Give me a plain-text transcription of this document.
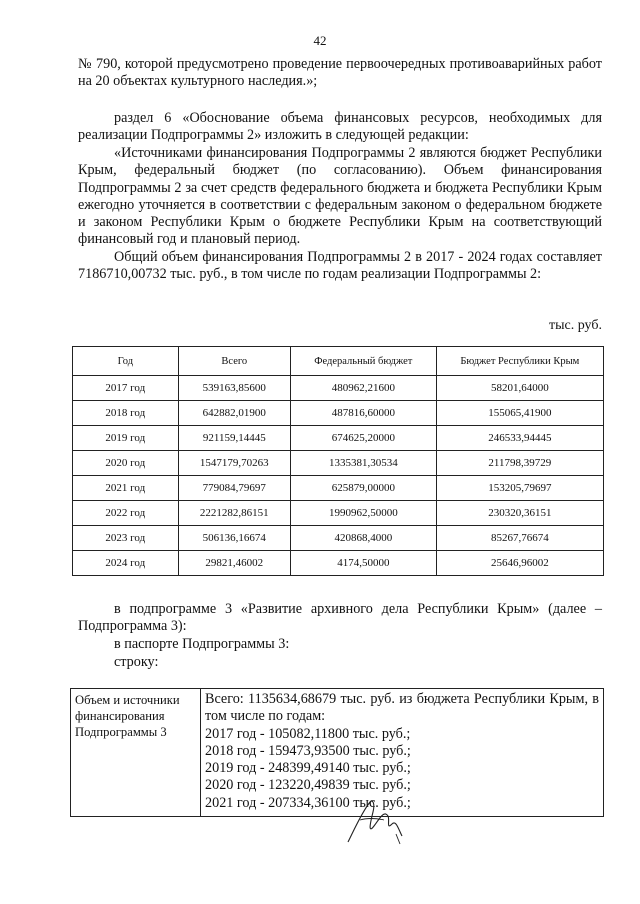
42
№ 790, которой предусмотрено проведение первоочередных противоаварийных работ на 20 объектах культурного наследия.»;
раздел 6 «Обоснование объема финансовых ресурсов, необходимых для реализации Подпрограммы 2» изложить в следующей редакции:
«Источниками финансирования Подпрограммы 2 являются бюджет Республики Крым, федеральный бюджет (по согласованию). Объем финансирования Подпрограммы 2 за счет средств федерального бюджета и бюджета Республики Крым ежегодно уточняется в соответствии с федеральным законом о федеральном бюджете и законом Республики Крым о бюджете Республики Крым на соответствующий финансовый год и плановый период.
Общий объем финансирования Подпрограммы 2 в 2017 - 2024 годах составляет 7186710,00732 тыс. руб., в том числе по годам реализации Подпрограммы 2:
тыс. руб.
Год	Всего	Федеральный бюджет	Бюджет Республики Крым
2017 год	539163,85600	480962,21600	58201,64000
2018 год	642882,01900	487816,60000	155065,41900
2019 год	921159,14445	674625,20000	246533,94445
2020 год	1547179,70263	1335381,30534	211798,39729
2021 год	779084,79697	625879,00000	153205,79697
2022 год	2221282,86151	1990962,50000	230320,36151
2023 год	506136,16674	420868,4000	85267,76674
2024 год	29821,46002	4174,50000	25646,96002
в подпрограмме 3 «Развитие архивного дела Республики Крым» (далее – Подпрограмма 3):
в паспорте Подпрограммы 3:
строку:
Объем и источники финансирования Подпрограммы 3	
Всего: 1135634,68679 тыс. руб. из бюджета Республики Крым, в том числе по годам:
2017 год - 105082,11800 тыс. руб.;
2018 год - 159473,93500 тыс. руб.;
2019 год - 248399,49140 тыс. руб.;
2020 год - 123220,49839 тыс. руб.;
2021 год - 207334,36100 тыс. руб.;
